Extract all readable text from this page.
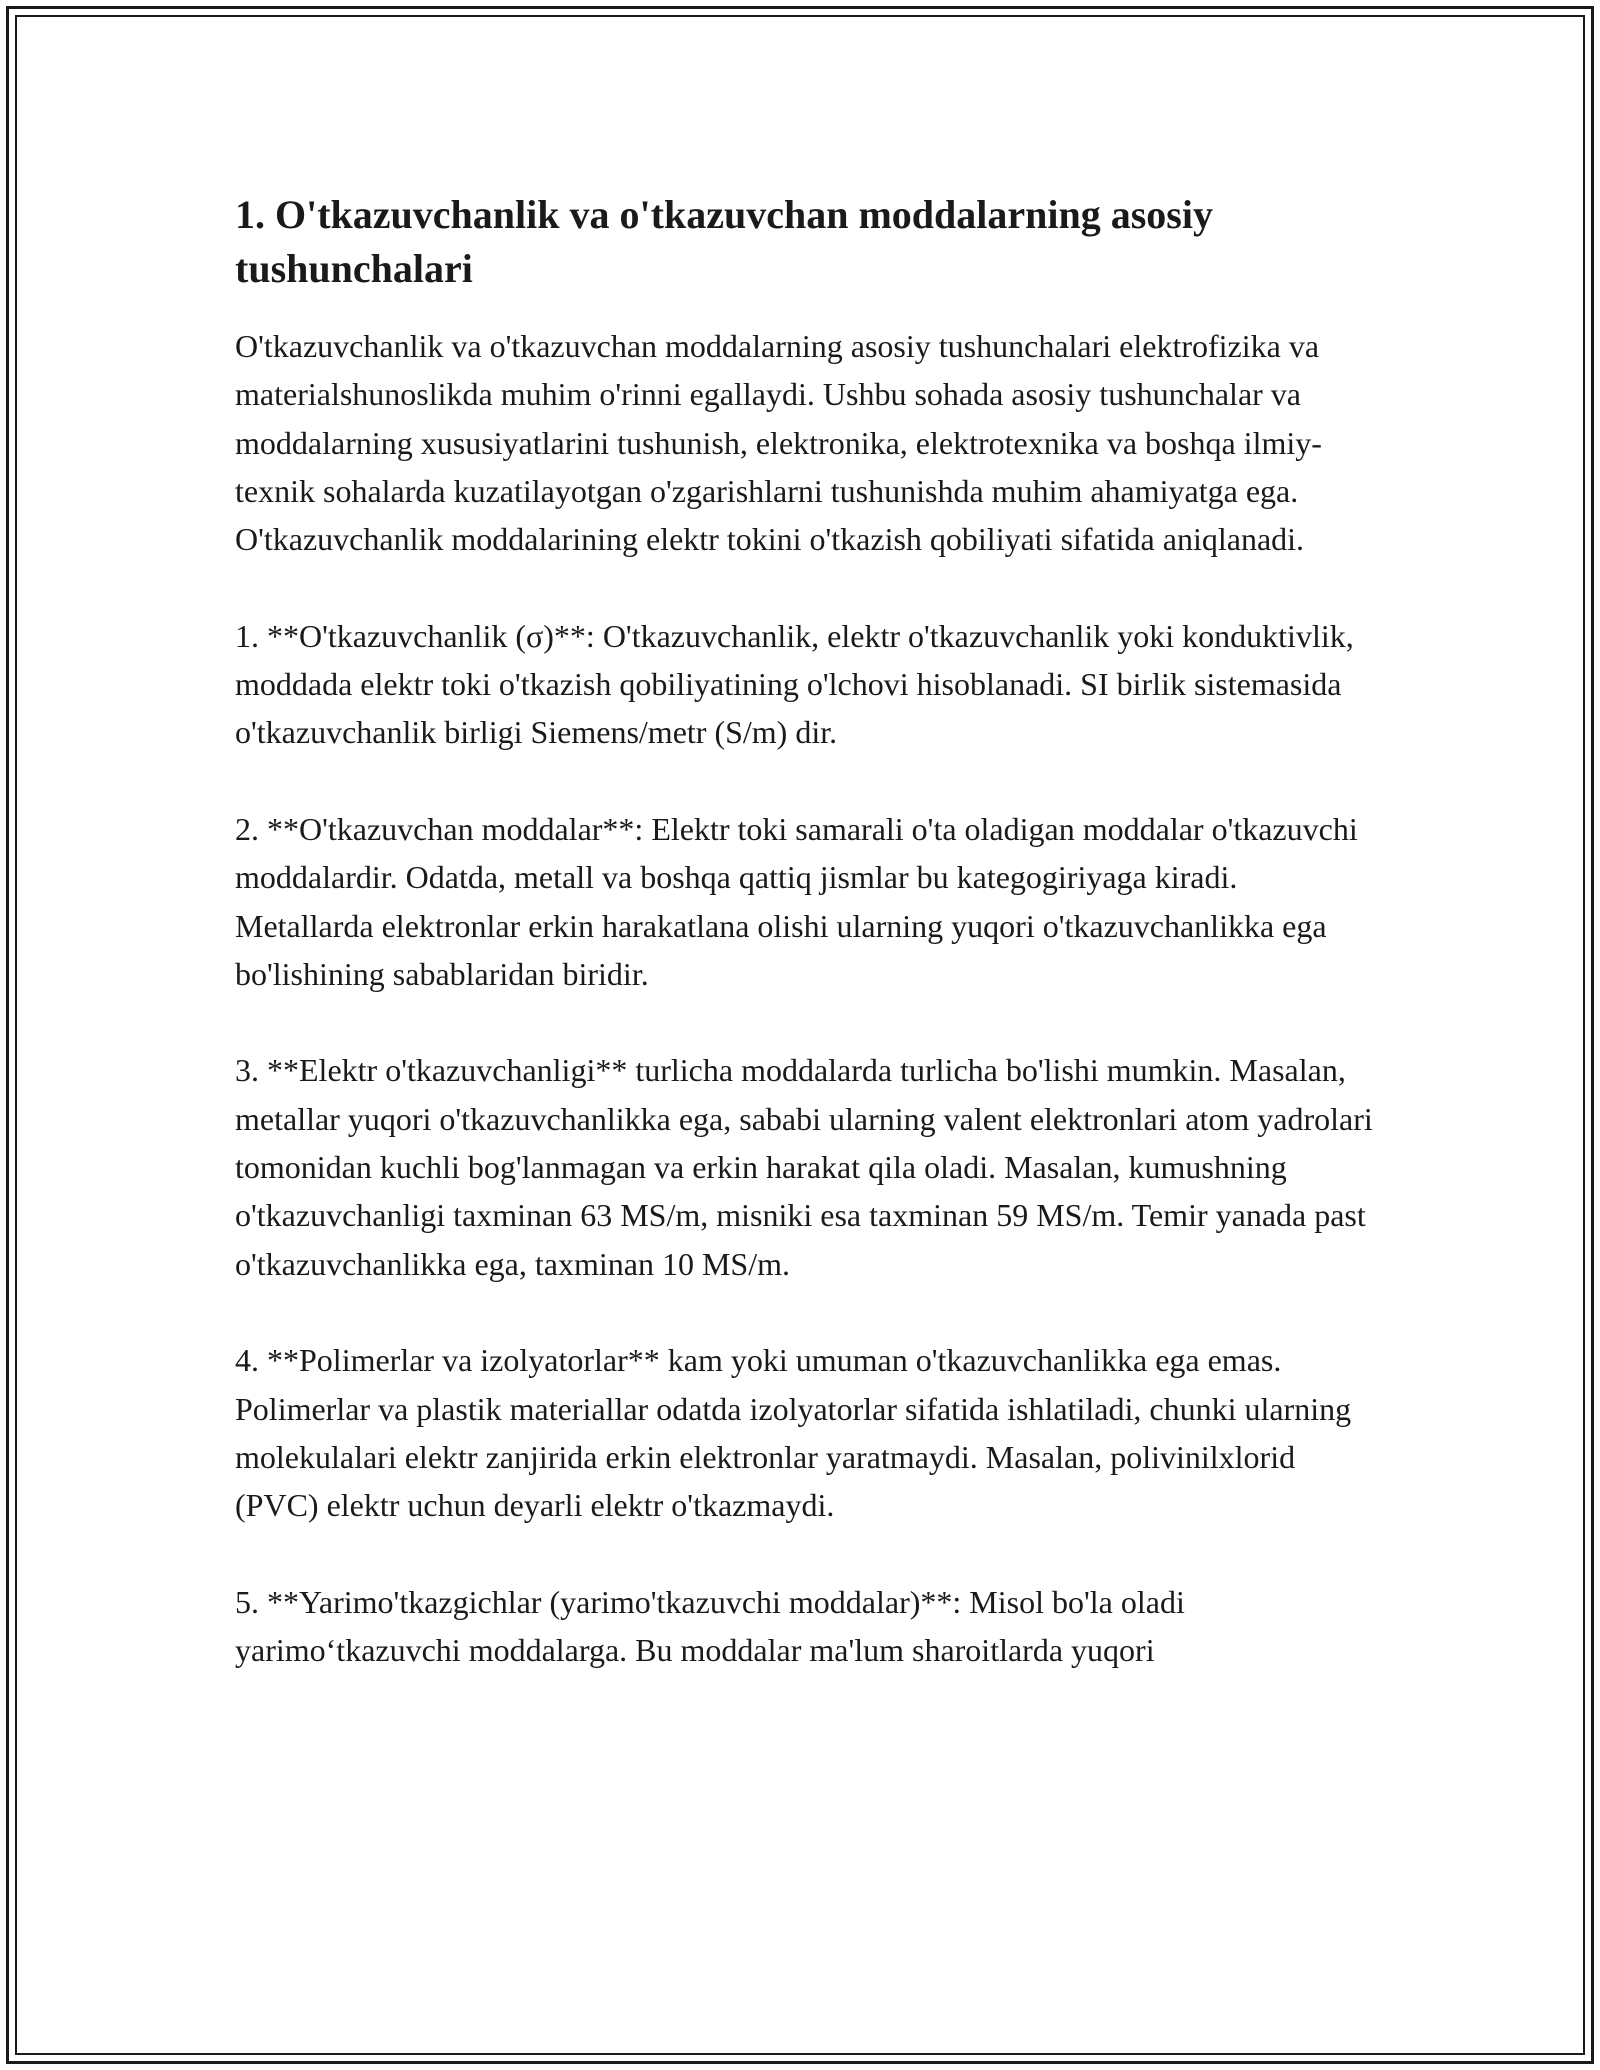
1. O'tkazuvchanlik va o'tkazuvchan moddalarning asosiy tushunchalari
O'tkazuvchanlik va o'tkazuvchan moddalarning asosiy tushunchalari elektrofizika va materialshunoslikda muhim o'rinni egallaydi. Ushbu sohada asosiy tushunchalar va moddalarning xususiyatlarini tushunish, elektronika, elektrotexnika va boshqa ilmiy-texnik sohalarda kuzatilayotgan o'zgarishlarni tushunishda muhim ahamiyatga ega. O'tkazuvchanlik moddalarining elektr tokini o'tkazish qobiliyati sifatida aniqlanadi.
1. **O'tkazuvchanlik (σ)**: O'tkazuvchanlik, elektr o'tkazuvchanlik yoki konduktivlik, moddada elektr toki o'tkazish qobiliyatining o'lchovi hisoblanadi. SI birlik sistemasida o'tkazuvchanlik birligi Siemens/metr (S/m) dir.
2. **O'tkazuvchan moddalar**: Elektr toki samarali o'ta oladigan moddalar o'tkazuvchi moddalardir. Odatda, metall va boshqa qattiq jismlar bu kategogiriyaga kiradi. Metallarda elektronlar erkin harakatlana olishi ularning yuqori o'tkazuvchanlikka ega bo'lishining sabablaridan biridir.
3. **Elektr o'tkazuvchanligi** turlicha moddalarda turlicha bo'lishi mumkin. Masalan, metallar yuqori o'tkazuvchanlikka ega, sababi ularning valent elektronlari atom yadrolari tomonidan kuchli bog'lanmagan va erkin harakat qila oladi. Masalan, kumushning o'tkazuvchanligi taxminan 63 MS/m, misniki esa taxminan 59 MS/m. Temir yanada past o'tkazuvchanlikka ega, taxminan 10 MS/m.
4. **Polimerlar va izolyatorlar** kam yoki umuman o'tkazuvchanlikka ega emas. Polimerlar va plastik materiallar odatda izolyatorlar sifatida ishlatiladi, chunki ularning molekulalari elektr zanjirida erkin elektronlar yaratmaydi. Masalan, polivinilxlorid (PVC) elektr uchun deyarli elektr o'tkazmaydi.
5. **Yarimo'tkazgichlar (yarimo'tkazuvchi moddalar)**: Misol bo'la oladi yarimo‘tkazuvchi moddalarga. Bu moddalar ma'lum sharoitlarda yuqori
